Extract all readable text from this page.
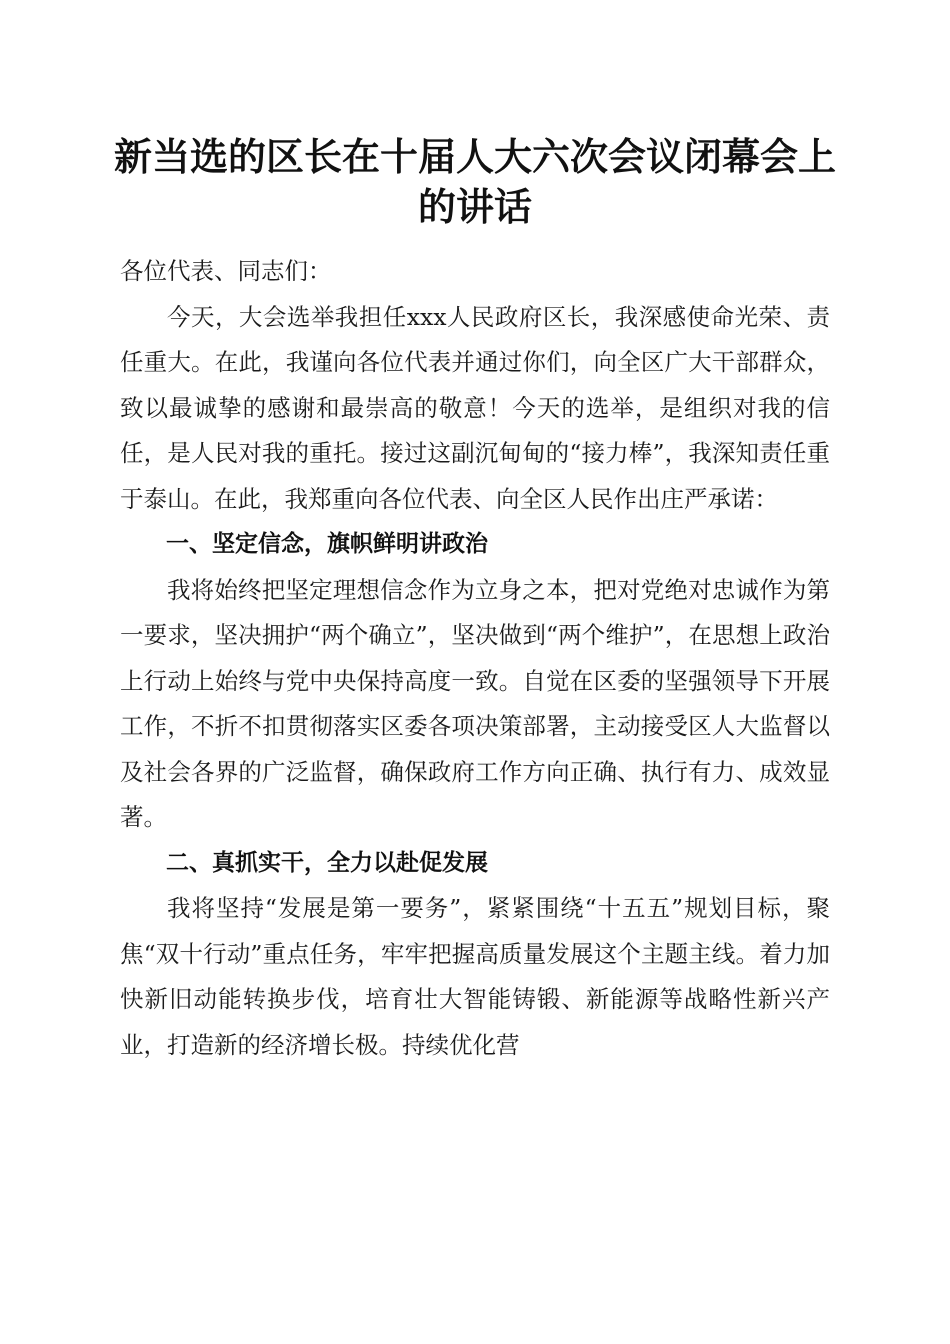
新当选的区长在十届人大六次会议闭幕会上的讲话

各位代表、同志们：

今天，大会选举我担任xxx人民政府区长，我深感使命光荣、责任重大。在此，我谨向各位代表并通过你们，向全区广大干部群众，致以最诚挚的感谢和最崇高的敬意！今天的选举，是组织对我的信任，是人民对我的重托。接过这副沉甸甸的“接力棒”，我深知责任重于泰山。在此，我郑重向各位代表、向全区人民作出庄严承诺：

一、坚定信念，旗帜鲜明讲政治

我将始终把坚定理想信念作为立身之本，把对党绝对忠诚作为第一要求，坚决拥护“两个确立”，坚决做到“两个维护”，在思想上政治上行动上始终与党中央保持高度一致。自觉在区委的坚强领导下开展工作，不折不扣贯彻落实区委各项决策部署，主动接受区人大监督以及社会各界的广泛监督，确保政府工作方向正确、执行有力、成效显著。

二、真抓实干，全力以赴促发展

我将坚持“发展是第一要务”，紧紧围绕“十五五”规划目标，聚焦“双十行动”重点任务，牢牢把握高质量发展这个主题主线。着力加快新旧动能转换步伐，培育壮大智能铸锻、新能源等战略性新兴产业，打造新的经济增长极。持续优化营
